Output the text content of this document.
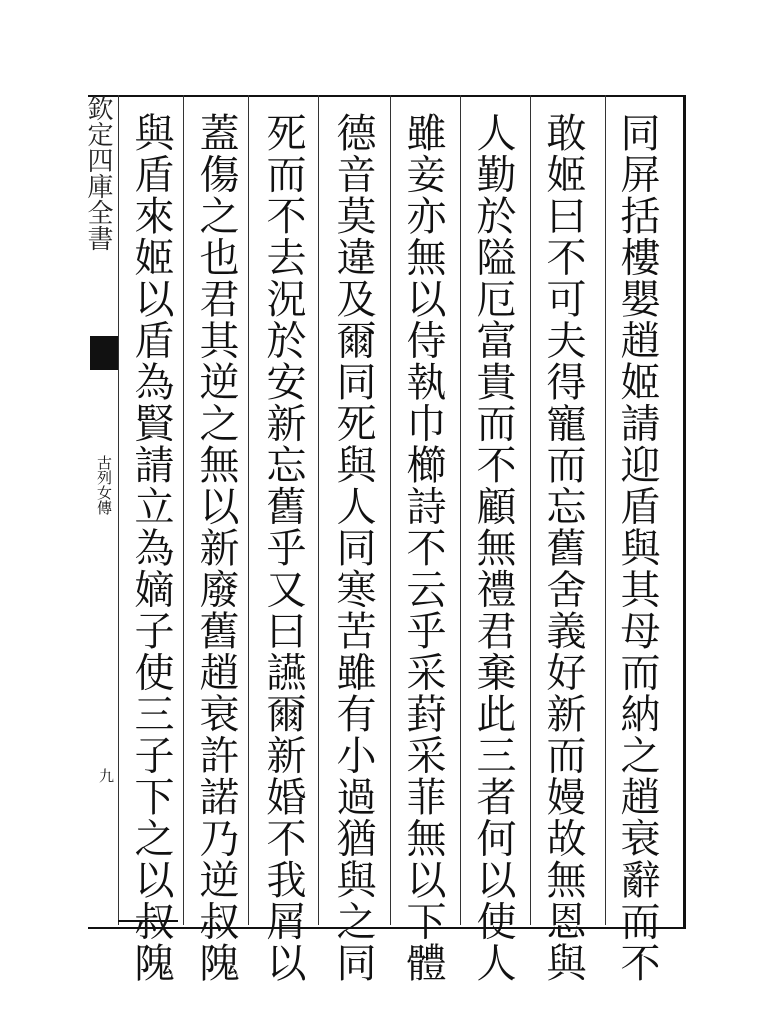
欽定四庫全書
古列女傳
九	同屏括樓嬰趙姬請迎盾與其母而納之趙衰辭而不
敢姬曰不可夫得寵而忘舊舍義好新而嫚故無恩與
人勤於隘厄富貴而不顧無禮君棄此三者何以使人
雖妾亦無以侍執巾櫛詩不云乎采葑采菲無以下體
德音莫違及爾同死與人同寒苦雖有小過猶與之同
死而不去況於安新忘舊乎又曰讌爾新婚不我屑以
蓋傷之也君其逆之無以新廢舊趙衰許諾乃逆叔隗
與盾來姬以盾為賢請立為嫡子使三子下之以叔隗
